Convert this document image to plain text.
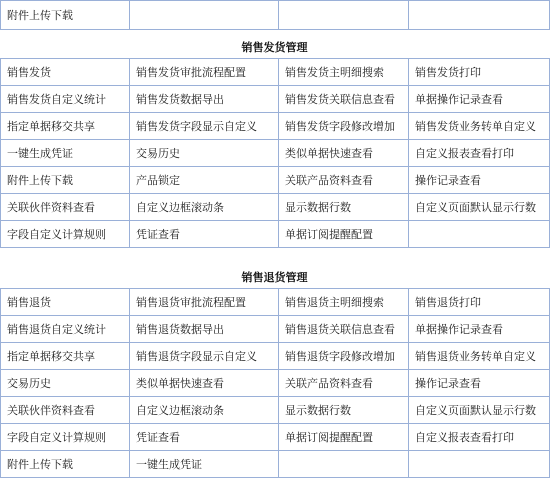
附件上传下载			
销售发货管理
销售发货	销售发货审批流程配置	销售发货主明细搜索	销售发货打印
销售发货自定义统计	销售发货数据导出	销售发货关联信息查看	单据操作记录查看
指定单据移交共享	销售发货字段显示自定义	销售发货字段修改增加	销售发货业务转单自定义
一键生成凭证	交易历史	类似单据快速查看	自定义报表查看打印
附件上传下载	产品锁定	关联产品资料查看	操作记录查看
关联伙伴资料查看	自定义边框滚动条	显示数据行数	自定义页面默认显示行数
字段自定义计算规则	凭证查看	单据订阅提醒配置	
销售退货管理
销售退货	销售退货审批流程配置	销售退货主明细搜索	销售退货打印
销售退货自定义统计	销售退货数据导出	销售退货关联信息查看	单据操作记录查看
指定单据移交共享	销售退货字段显示自定义	销售退货字段修改增加	销售退货业务转单自定义
交易历史	类似单据快速查看	关联产品资料查看	操作记录查看
关联伙伴资料查看	自定义边框滚动条	显示数据行数	自定义页面默认显示行数
字段自定义计算规则	凭证查看	单据订阅提醒配置	自定义报表查看打印
附件上传下载	一键生成凭证		
